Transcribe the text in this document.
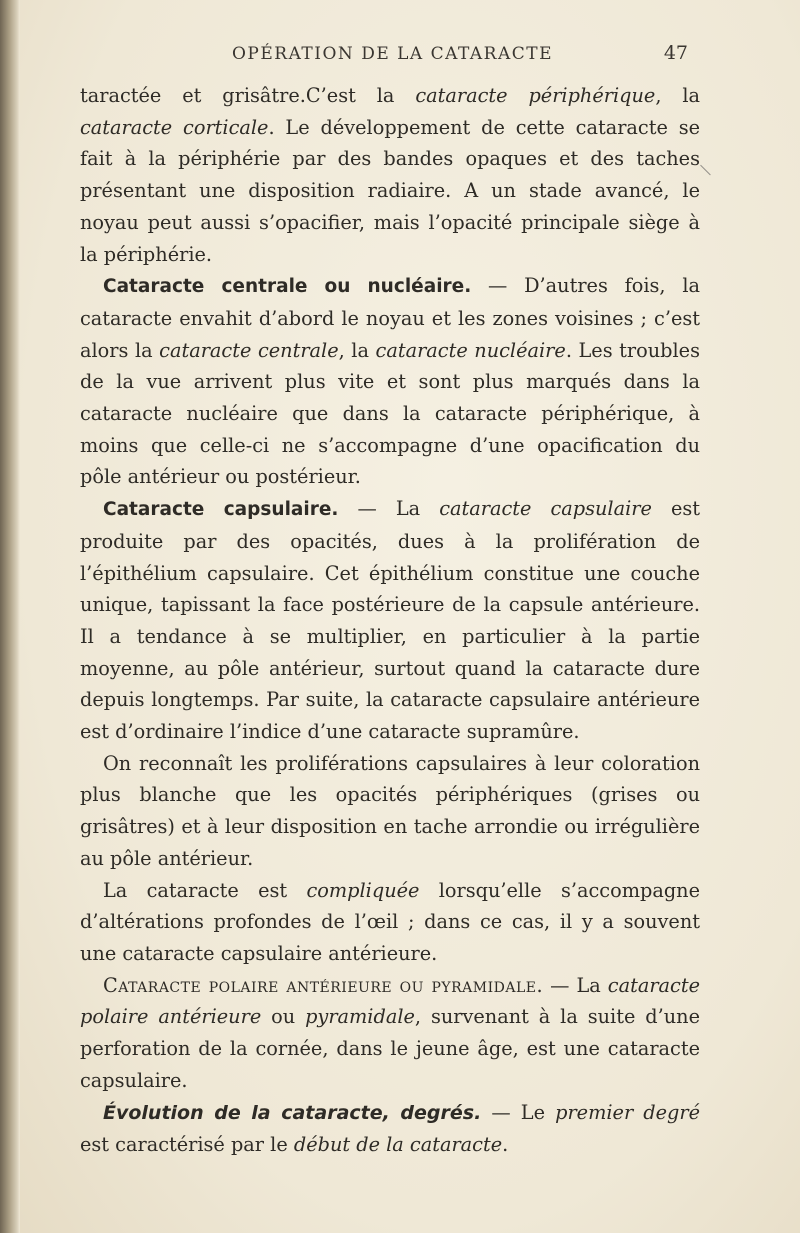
OPÉRATION DE LA CATARACTE	47

taractée et grisâtre.C’est la cataracte périphérique, la cataracte corticale. Le développement de cette cataracte se fait à la périphérie par des bandes opaques et des taches présentant une disposition radiaire. A un stade avancé, le noyau peut aussi s’opacifier, mais l’opacité principale siège à la périphérie.

Cataracte centrale ou nucléaire. — D’autres fois, la cataracte envahit d’abord le noyau et les zones voisines ; c’est alors la cataracte centrale, la cataracte nucléaire. Les troubles de la vue arrivent plus vite et sont plus marqués dans la cataracte nucléaire que dans la cataracte périphérique, à moins que celle-ci ne s’accompagne d’une opacification du pôle antérieur ou postérieur.

Cataracte capsulaire. — La cataracte capsulaire est produite par des opacités, dues à la prolifération de l’épithélium capsulaire. Cet épithélium constitue une couche unique, tapissant la face postérieure de la capsule antérieure. Il a tendance à se multiplier, en particulier à la partie moyenne, au pôle antérieur, surtout quand la cataracte dure depuis longtemps. Par suite, la cataracte capsulaire antérieure est d’ordinaire l’indice d’une cataracte supramûre.

On reconnaît les proliférations capsulaires à leur coloration plus blanche que les opacités périphériques (grises ou grisâtres) et à leur disposition en tache arrondie ou irrégulière au pôle antérieur.

La cataracte est compliquée lorsqu’elle s’accompagne d’altérations profondes de l’œil ; dans ce cas, il y a souvent une cataracte capsulaire antérieure.

Cataracte polaire antérieure ou pyramidale. — La cataracte polaire antérieure ou pyramidale, survenant à la suite d’une perforation de la cornée, dans le jeune âge, est une cataracte capsulaire.

Évolution de la cataracte, degrés. — Le premier degré est caractérisé par le début de la cataracte.
